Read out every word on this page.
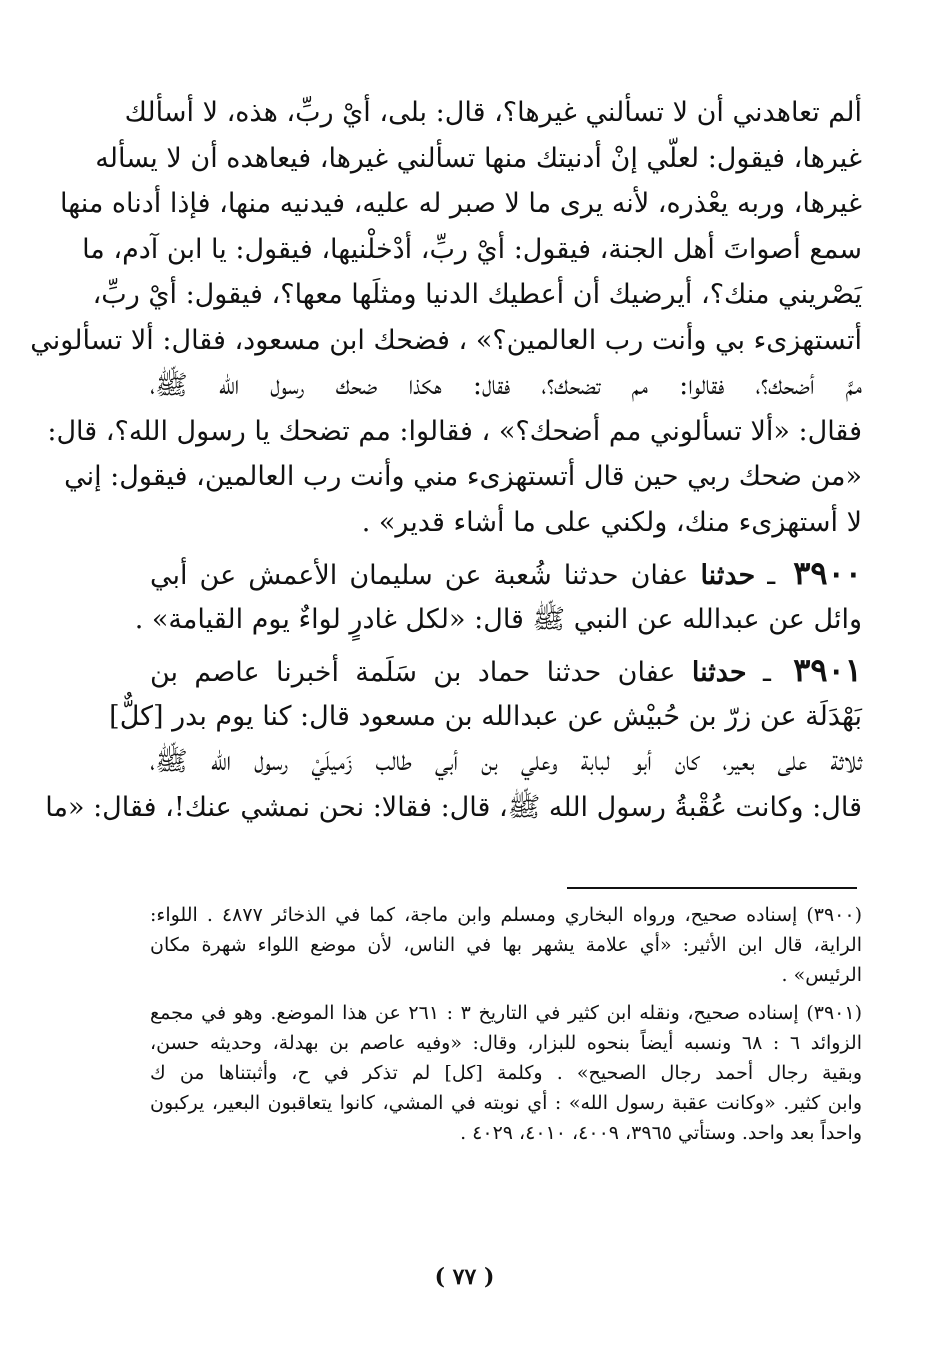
ألم تعاهدني أن لا تسألني غيرها؟، قال: بلى، أيْ ربِّ، هذه، لا أسألك
غيرها، فيقول: لعلّي إنْ أدنيتك منها تسألني غيرها، فيعاهده أن لا يسأله
غيرها، وربه يعْذره، لأنه يرى ما لا صبر له عليه، فيدنيه منها، فإذا أدناه منها
سمع أصواتَ أهل الجنة، فيقول: أيْ ربِّ، أدْخلْنيها، فيقول: يا ابن آدم، ما
يَصْريني منك؟، أيرضيك أن أعطيك الدنيا ومثلَها معها؟، فيقول: أيْ ربِّ،
أتستهزىء بي وأنت رب العالمين؟» ، فضحك ابن مسعود، فقال: ألا تسألوني
ممَّ أضحك؟، فقالوا: مم تضحك؟، فقال: هكذا ضحك رسول الله ﷺ،
فقال: «ألا تسألوني مم أضحك؟» ، فقالوا: مم تضحك يا رسول الله؟، قال:
«من ضحك ربي حين قال أتستهزىء مني وأنت رب العالمين، فيقول: إني
لا أستهزىء منك، ولكني على ما أشاء قدير» .
٣٩٠٠ ـ حدثنا عفان حدثنا شُعبة عن سليمان الأعمش عن أبي
وائل عن عبدالله عن النبي ﷺ قال: «لكل غادرٍ لواءٌ يوم القيامة» .
٣٩٠١ ـ حدثنا عفان حدثنا حماد بن سَلَمة أخبرنا عاصم بن
بَهْدَلَة عن زرّ بن حُبيْش عن عبدالله بن مسعود قال: كنا يوم بدر [كلٌّ]
ثلاثة على بعير، كان أبو لبابة وعلي بن أبي طالب زَميلَيْ رسول الله ﷺ،
قال: وكانت عُقْبةُ رسول الله ﷺ، قال: فقالا: نحن نمشي عنك!، فقال: «ما
(٣٩٠٠) إسناده صحيح، ورواه البخاري ومسلم وابن ماجة، كما في الذخائر ٤٨٧٧ . اللواء:
الراية، قال ابن الأثير: «أي علامة يشهر بها في الناس، لأن موضع اللواء شهرة مكان
الرئيس» .
(٣٩٠١) إسناده صحيح، ونقله ابن كثير في التاريخ ٣ : ٢٦١ عن هذا الموضع. وهو في مجمع
الزوائد ٦ : ٦٨ ونسبه أيضاً بنحوه للبزار، وقال: «وفيه عاصم بن بهدلة، وحديثه حسن،
وبقية رجال أحمد رجال الصحيح» . وكلمة [كل] لم تذكر في ح، وأثبتناها من ك
وابن كثير. «وكانت عقبة رسول الله» : أي نوبته في المشي، كانوا يتعاقبون البعير، يركبون
واحداً بعد واحد. وستأتي ٣٩٦٥، ٤٠٠٩، ٤٠١٠، ٤٠٢٩ .
( ٧٧ )
